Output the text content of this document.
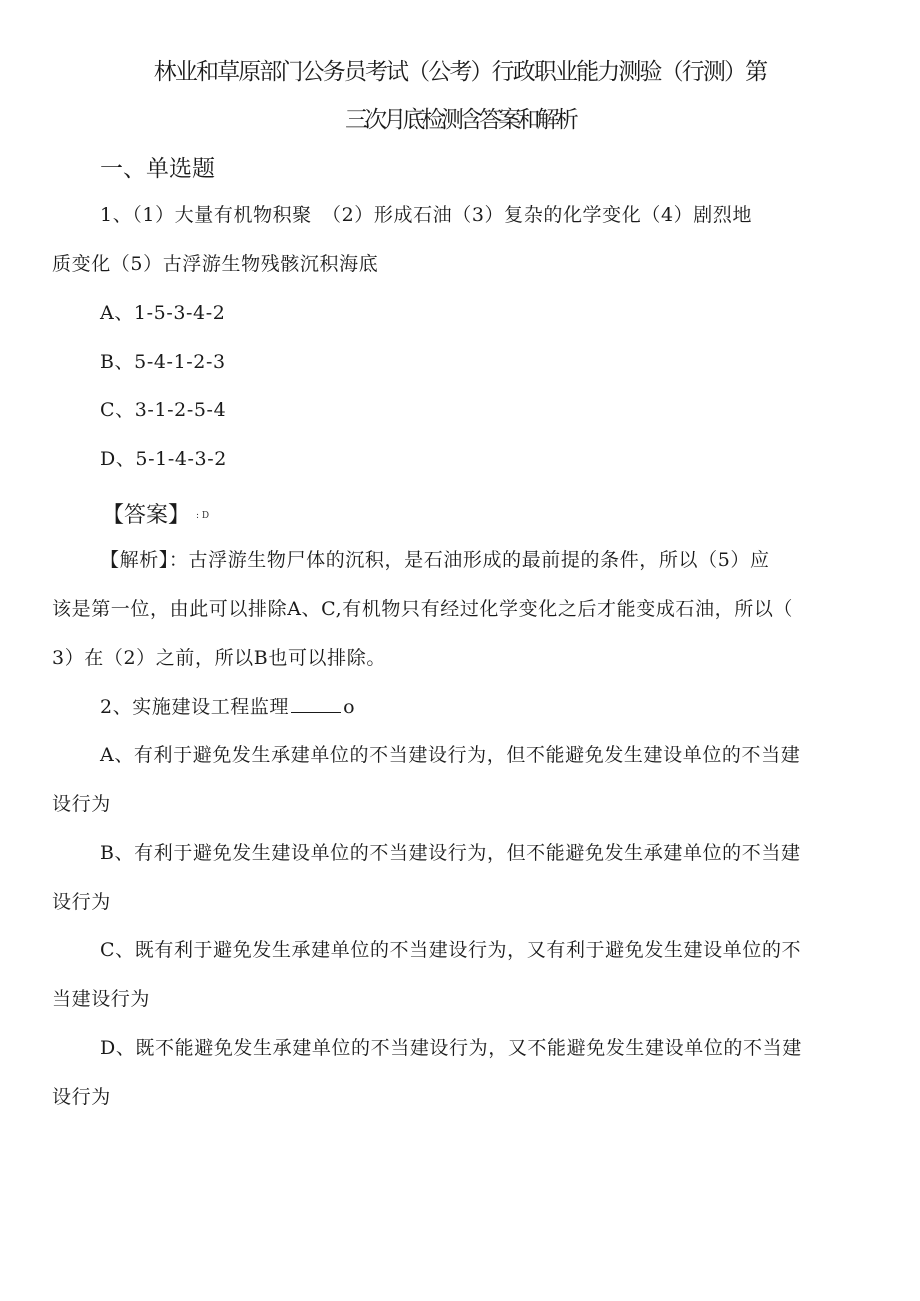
林业和草原部门公务员考试（公考）行政职业能力测验（行测）第
三次月底检测含答案和解析
一、单选题
1、（1）大量有机物积聚　（2）形成石油（3）复杂的化学变化（4）剧烈地
质变化（5）古浮游生物残骸沉积海底
A、1-5-3-4-2
B、5-4-1-2-3
C、3-1-2-5-4
D、5-1-4-3-2
【答案】 : D
【解析】：古浮游生物尸体的沉积，是石油形成的最前提的条件，所以（5）应
该是第一位，由此可以排除A、C,有机物只有经过化学变化之后才能变成石油，所以（
3）在（2）之前，所以B也可以排除。
2、实施建设工程监理	o
A、有利于避免发生承建单位的不当建设行为，但不能避免发生建设单位的不当建
设行为
B、有利于避免发生建设单位的不当建设行为，但不能避免发生承建单位的不当建
设行为
C、既有利于避免发生承建单位的不当建设行为，又有利于避免发生建设单位的不
当建设行为
D、既不能避免发生承建单位的不当建设行为，又不能避免发生建设单位的不当建
设行为
